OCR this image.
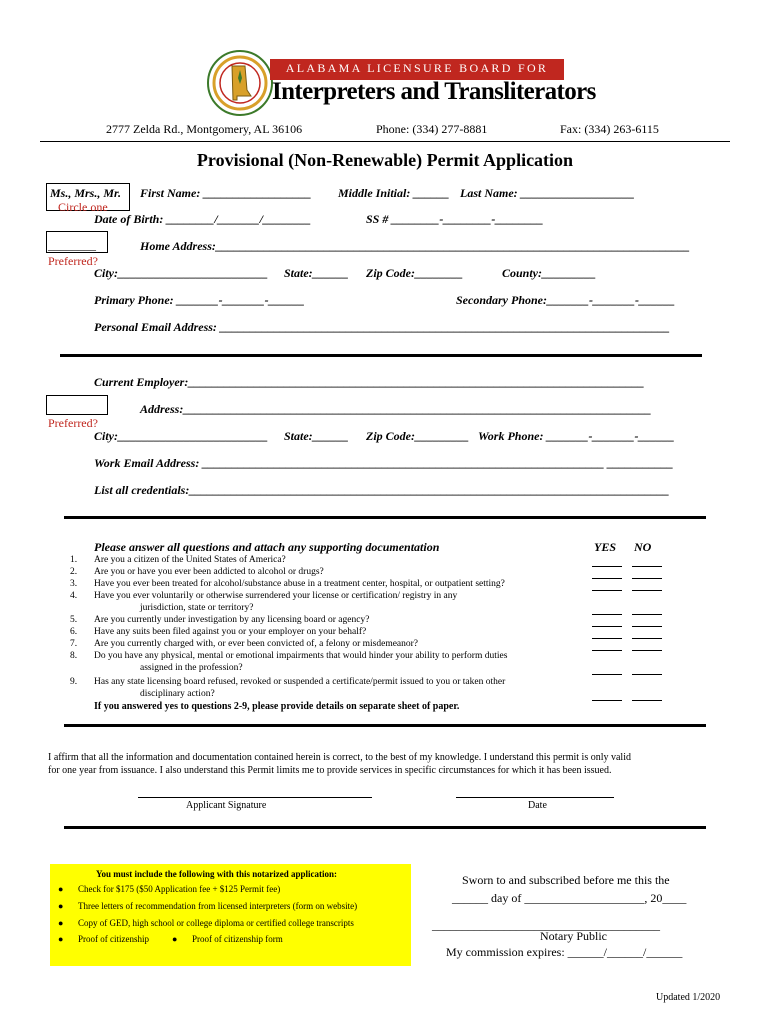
ALABAMA LICENSURE BOARD FOR
Interpreters and Transliterators
2777 Zelda Rd., Montgomery, AL 36106	Phone: (334) 277-8881	Fax: (334) 263-6115
Provisional (Non-Renewable) Permit Application
Ms., Mrs., Mr.
Circle one
First Name: __________________ Middle Initial: ______ Last Name: ___________________
Date of Birth: ________/_______/________	SS # ________-________-________
________
Preferred?
Home Address:_______________________________________________________________________________
City:_________________________ State:______ Zip Code:________	County:_________
Primary Phone: _______-_______-______	Secondary Phone:_______-_______-______
Personal Email Address: ___________________________________________________________________________
Current Employer:____________________________________________________________________________
Preferred?
Address:______________________________________________________________________________
City:_________________________ State:______ Zip Code:_________ Work Phone: _______-_______-______
Work Email Address: ___________________________________________________________________ ___________
List all credentials:________________________________________________________________________________
Please answer all questions and attach any supporting documentation	YES NO
1. Are you a citizen of the United States of America?
2. Are you or have you ever been addicted to alcohol or drugs?
3. Have you ever been treated for alcohol/substance abuse in a treatment center, hospital, or outpatient setting?
4. Have you ever voluntarily or otherwise surrendered your license or certification/ registry in any
jurisdiction, state or territory?
5. Are you currently under investigation by any licensing board or agency?
6. Have any suits been filed against you or your employer on your behalf?
7. Are you currently charged with, or ever been convicted of, a felony or misdemeanor?
8. Do you have any physical, mental or emotional impairments that would hinder your ability to perform duties
assigned in the profession?
9. Has any state licensing board refused, revoked or suspended a certificate/permit issued to you or taken other
disciplinary action?
If you answered yes to questions 2-9, please provide details on separate sheet of paper.
I affirm that all the information and documentation contained herein is correct, to the best of my knowledge. I understand this permit is only valid
for one year from issuance. I also understand this Permit limits me to provide services in specific circumstances for which it has been issued.
Applicant Signature	Date
You must include the following with this notarized application:
● Check for $175 ($50 Application fee + $125 Permit fee)
● Three letters of recommendation from licensed interpreters (form on website)
● Copy of GED, high school or college diploma or certified college transcripts
● Proof of citizenship	● Proof of citizenship form
Sworn to and subscribed before me this the
______ day of ____________________, 20____
______________________________________
Notary Public
My commission expires: ______/______/______
Updated 1/2020
